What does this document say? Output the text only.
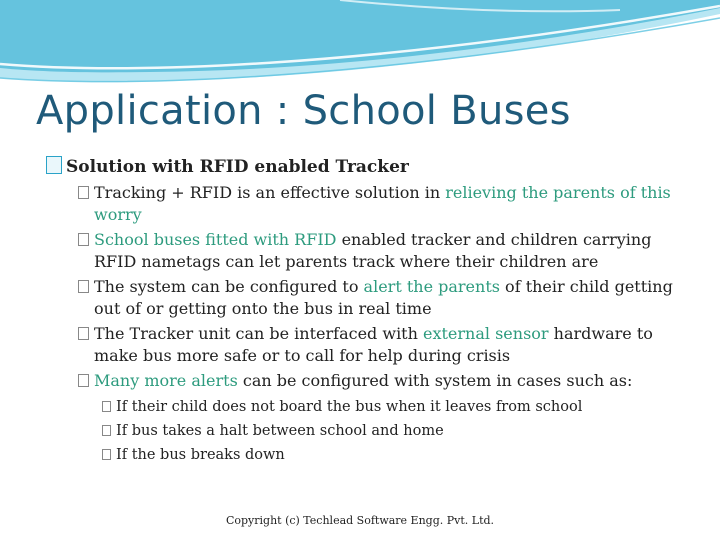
Application : School Buses
Solution with RFID enabled Tracker
Tracking + RFID is an effective solution in relieving the parents of this worry
School buses fitted with RFID enabled tracker and children carrying RFID nametags can let parents track where their children are
The system can be configured to alert the parents of their child getting out of or getting onto the bus in real time
The Tracker unit can be interfaced with external sensor hardware to make bus more safe or to call for help during crisis
Many more alerts can be configured with system in cases such as:
If their child does not board the bus when it leaves from school
If bus takes a halt between school and home
If the bus breaks down
Copyright (c) Techlead Software Engg. Pvt. Ltd.
